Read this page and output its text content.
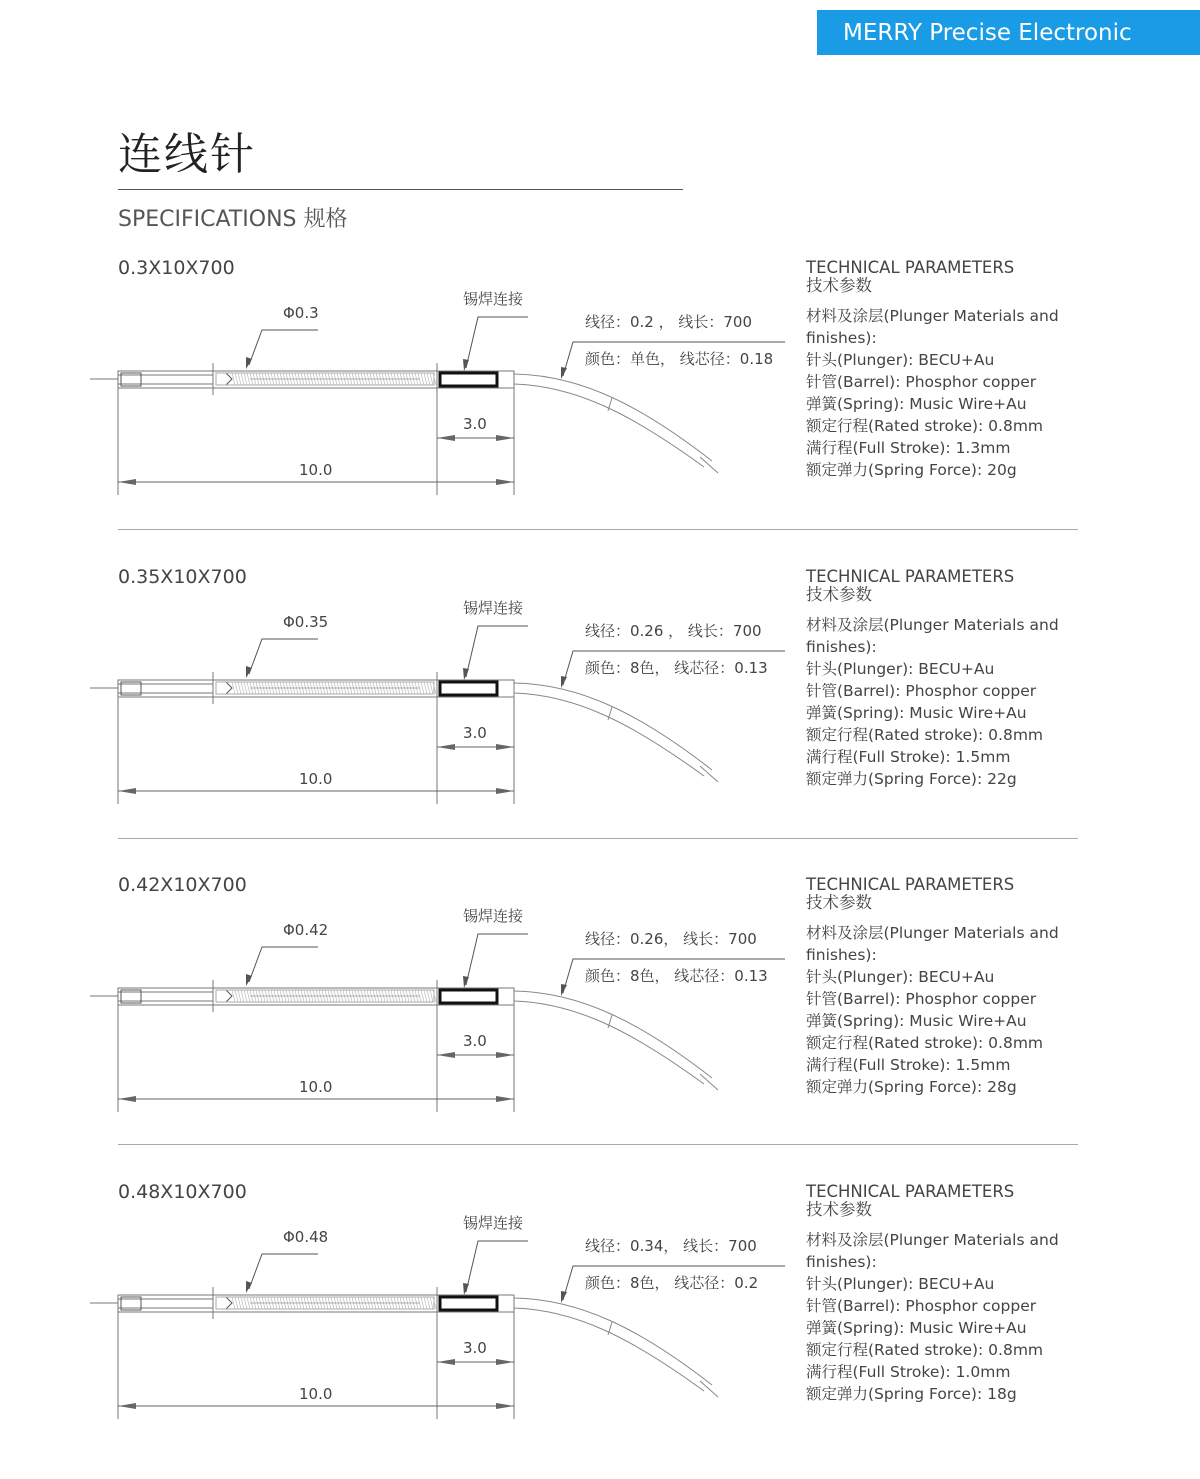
MERRY Precise Electronic
连线针
SPECIFICATIONS 规格
0.3X10X700
锡焊连接
Φ0.3	线径：0.2 ， 线长：700
颜色：单色， 线芯径：0.18
3.0
10.0
TECHNICAL PARAMETERS
技术参数
材料及涂层(Plunger Materials and finishes):
针头(Plunger): BECU+Au
针管(Barrel): Phosphor copper
弹簧(Spring): Music Wire+Au
额定行程(Rated stroke): 0.8mm
满行程(Full Stroke): 1.3mm
额定弹力(Spring Force): 20g
0.35X10X700
锡焊连接
Φ0.35	线径：0.26 ， 线长：700
颜色：8色， 线芯径：0.13
3.0
10.0
TECHNICAL PARAMETERS
技术参数
材料及涂层(Plunger Materials and finishes):
针头(Plunger): BECU+Au
针管(Barrel): Phosphor copper
弹簧(Spring): Music Wire+Au
额定行程(Rated stroke): 0.8mm
满行程(Full Stroke): 1.5mm
额定弹力(Spring Force): 22g
0.42X10X700
锡焊连接
Φ0.42	线径：0.26， 线长：700
颜色：8色， 线芯径：0.13
3.0
10.0
TECHNICAL PARAMETERS
技术参数
材料及涂层(Plunger Materials and finishes):
针头(Plunger): BECU+Au
针管(Barrel): Phosphor copper
弹簧(Spring): Music Wire+Au
额定行程(Rated stroke): 0.8mm
满行程(Full Stroke): 1.5mm
额定弹力(Spring Force): 28g
0.48X10X700
锡焊连接
Φ0.48	线径：0.34， 线长：700
颜色：8色， 线芯径：0.2
3.0
10.0
TECHNICAL PARAMETERS
技术参数
材料及涂层(Plunger Materials and finishes):
针头(Plunger): BECU+Au
针管(Barrel): Phosphor copper
弹簧(Spring): Music Wire+Au
额定行程(Rated stroke): 0.8mm
满行程(Full Stroke): 1.0mm
额定弹力(Spring Force): 18g
